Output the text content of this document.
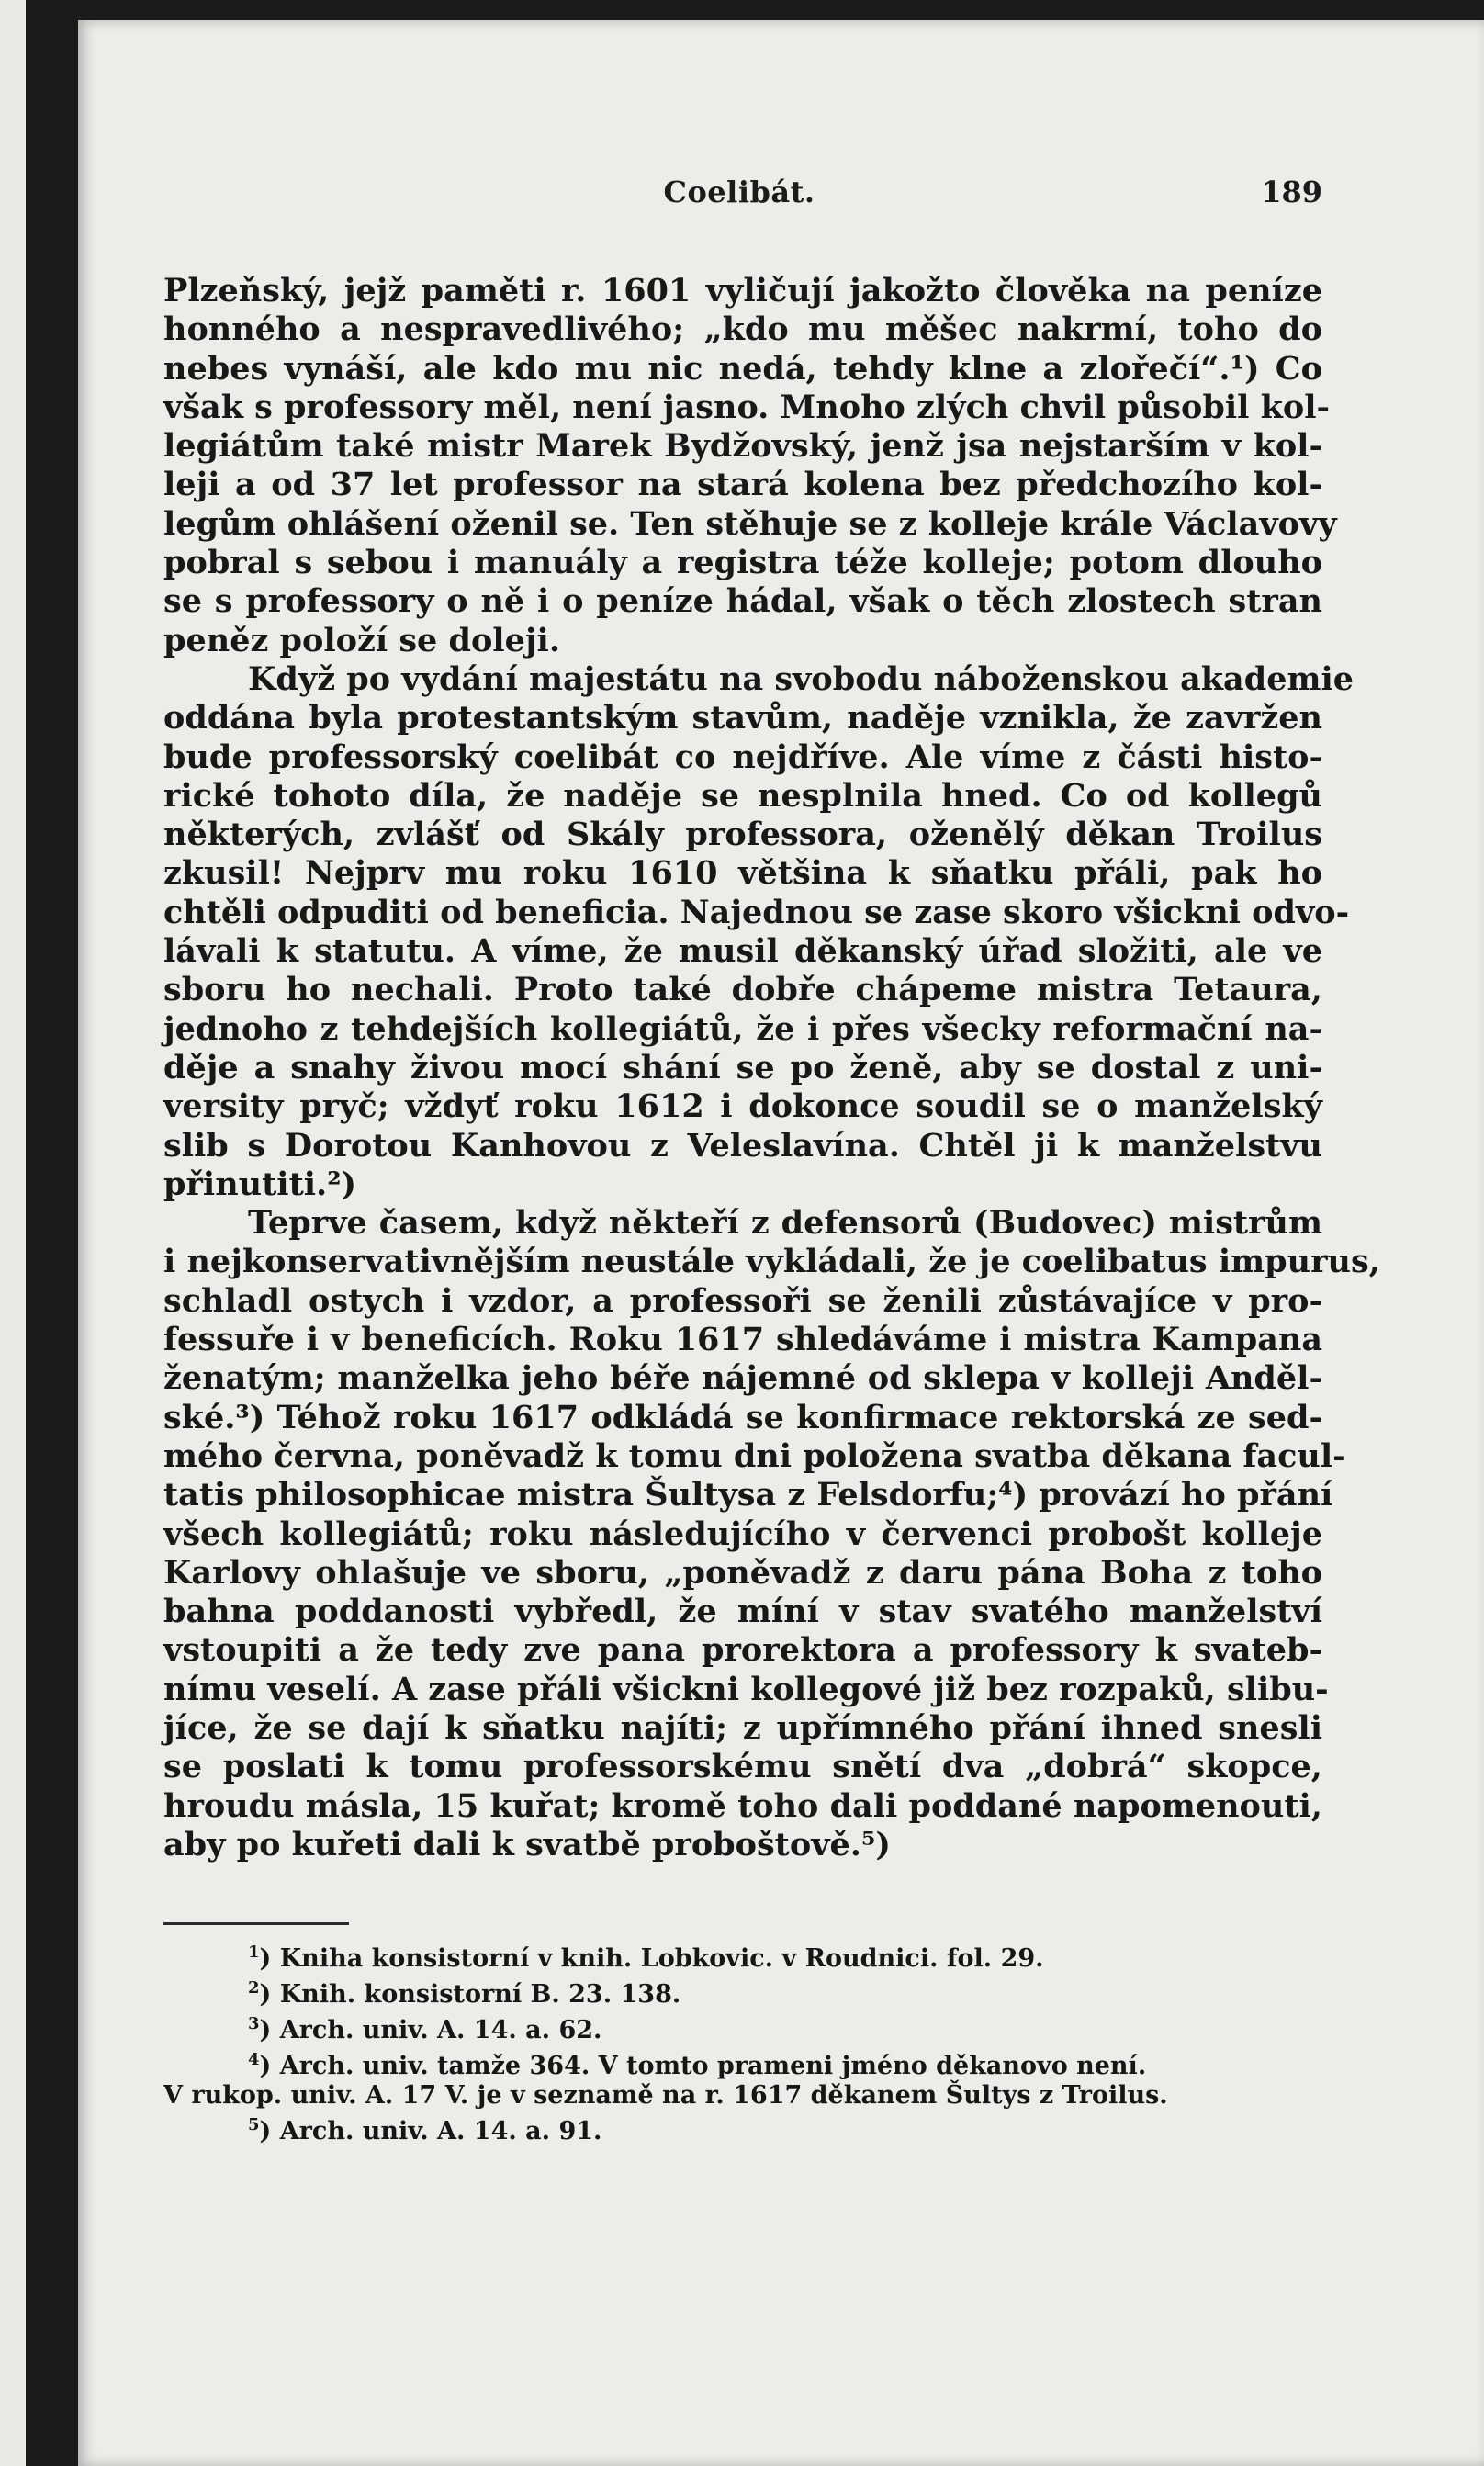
Coelibát.	189
Plzeňský, jejž paměti r. 1601 vyličují jakožto člověka na peníze
honného a nespravedlivého; „kdo mu měšec nakrmí, toho do
nebes vynáší, ale kdo mu nic nedá, tehdy klne a zlořečí“.¹) Co
však s professory měl, není jasno. Mnoho zlých chvil působil kol-
legiátům také mistr Marek Bydžovský, jenž jsa nejstarším v kol-
leji a od 37 let professor na stará kolena bez předchozího kol-
legům ohlášení oženil se. Ten stěhuje se z kolleje krále Václavovy
pobral s sebou i manuály a registra téže kolleje; potom dlouho
se s professory o ně i o peníze hádal, však o těch zlostech stran
peněz položí se doleji.
Když po vydání majestátu na svobodu náboženskou akademie
oddána byla protestantským stavům, naděje vznikla, že zavržen
bude professorský coelibát co nejdříve. Ale víme z části histo-
rické tohoto díla, že naděje se nesplnila hned. Co od kollegů
některých, zvlášť od Skály professora, oženělý děkan Troilus
zkusil! Nejprv mu roku 1610 většina k sňatku přáli, pak ho
chtěli odpuditi od beneficia. Najednou se zase skoro všickni odvo-
lávali k statutu. A víme, že musil děkanský úřad složiti, ale ve
sboru ho nechali. Proto také dobře chápeme mistra Tetaura,
jednoho z tehdejších kollegiátů, že i přes všecky reformační na-
děje a snahy živou mocí shání se po ženě, aby se dostal z uni-
versity pryč; vždyť roku 1612 i dokonce soudil se o manželský
slib s Dorotou Kanhovou z Veleslavína. Chtěl ji k manželstvu
přinutiti.²)
Teprve časem, když někteří z defensorů (Budovec) mistrům
i nejkonservativnějším neustále vykládali, že je coelibatus impurus,
schladl ostych i vzdor, a professoři se ženili zůstávajíce v pro-
fessuře i v beneficích. Roku 1617 shledáváme i mistra Kampana
ženatým; manželka jeho béře nájemné od sklepa v kolleji Anděl-
ské.³) Téhož roku 1617 odkládá se konfirmace rektorská ze sed-
mého června, poněvadž k tomu dni položena svatba děkana facul-
tatis philosophicae mistra Šultysa z Felsdorfu;⁴) provází ho přání
všech kollegiátů; roku následujícího v červenci probošt kolleje
Karlovy ohlašuje ve sboru, „poněvadž z daru pána Boha z toho
bahna poddanosti vybředl, že míní v stav svatého manželství
vstoupiti a že tedy zve pana prorektora a professory k svateb-
nímu veselí. A zase přáli všickni kollegové již bez rozpaků, slibu-
jíce, že se dají k sňatku najíti; z upřímného přání ihned snesli
se poslati k tomu professorskému snětí dva „dobrá“ skopce,
hroudu másla, 15 kuřat; kromě toho dali poddané napomenouti,
aby po kuřeti dali k svatbě proboštově.⁵)
$^1$) Kniha konsistorní v knih. Lobkovic. v Roudnici. fol. 29.
$^2$) Knih. konsistorní B. 23. 138.
$^3$) Arch. univ. A. 14. a. 62.
$^4$) Arch. univ. tamže 364. V tomto prameni jméno děkanovo není.
V rukop. univ. A. 17 V. je v seznamě na r. 1617 děkanem Šultys z Troilus.
$^5$) Arch. univ. A. 14. a. 91.
